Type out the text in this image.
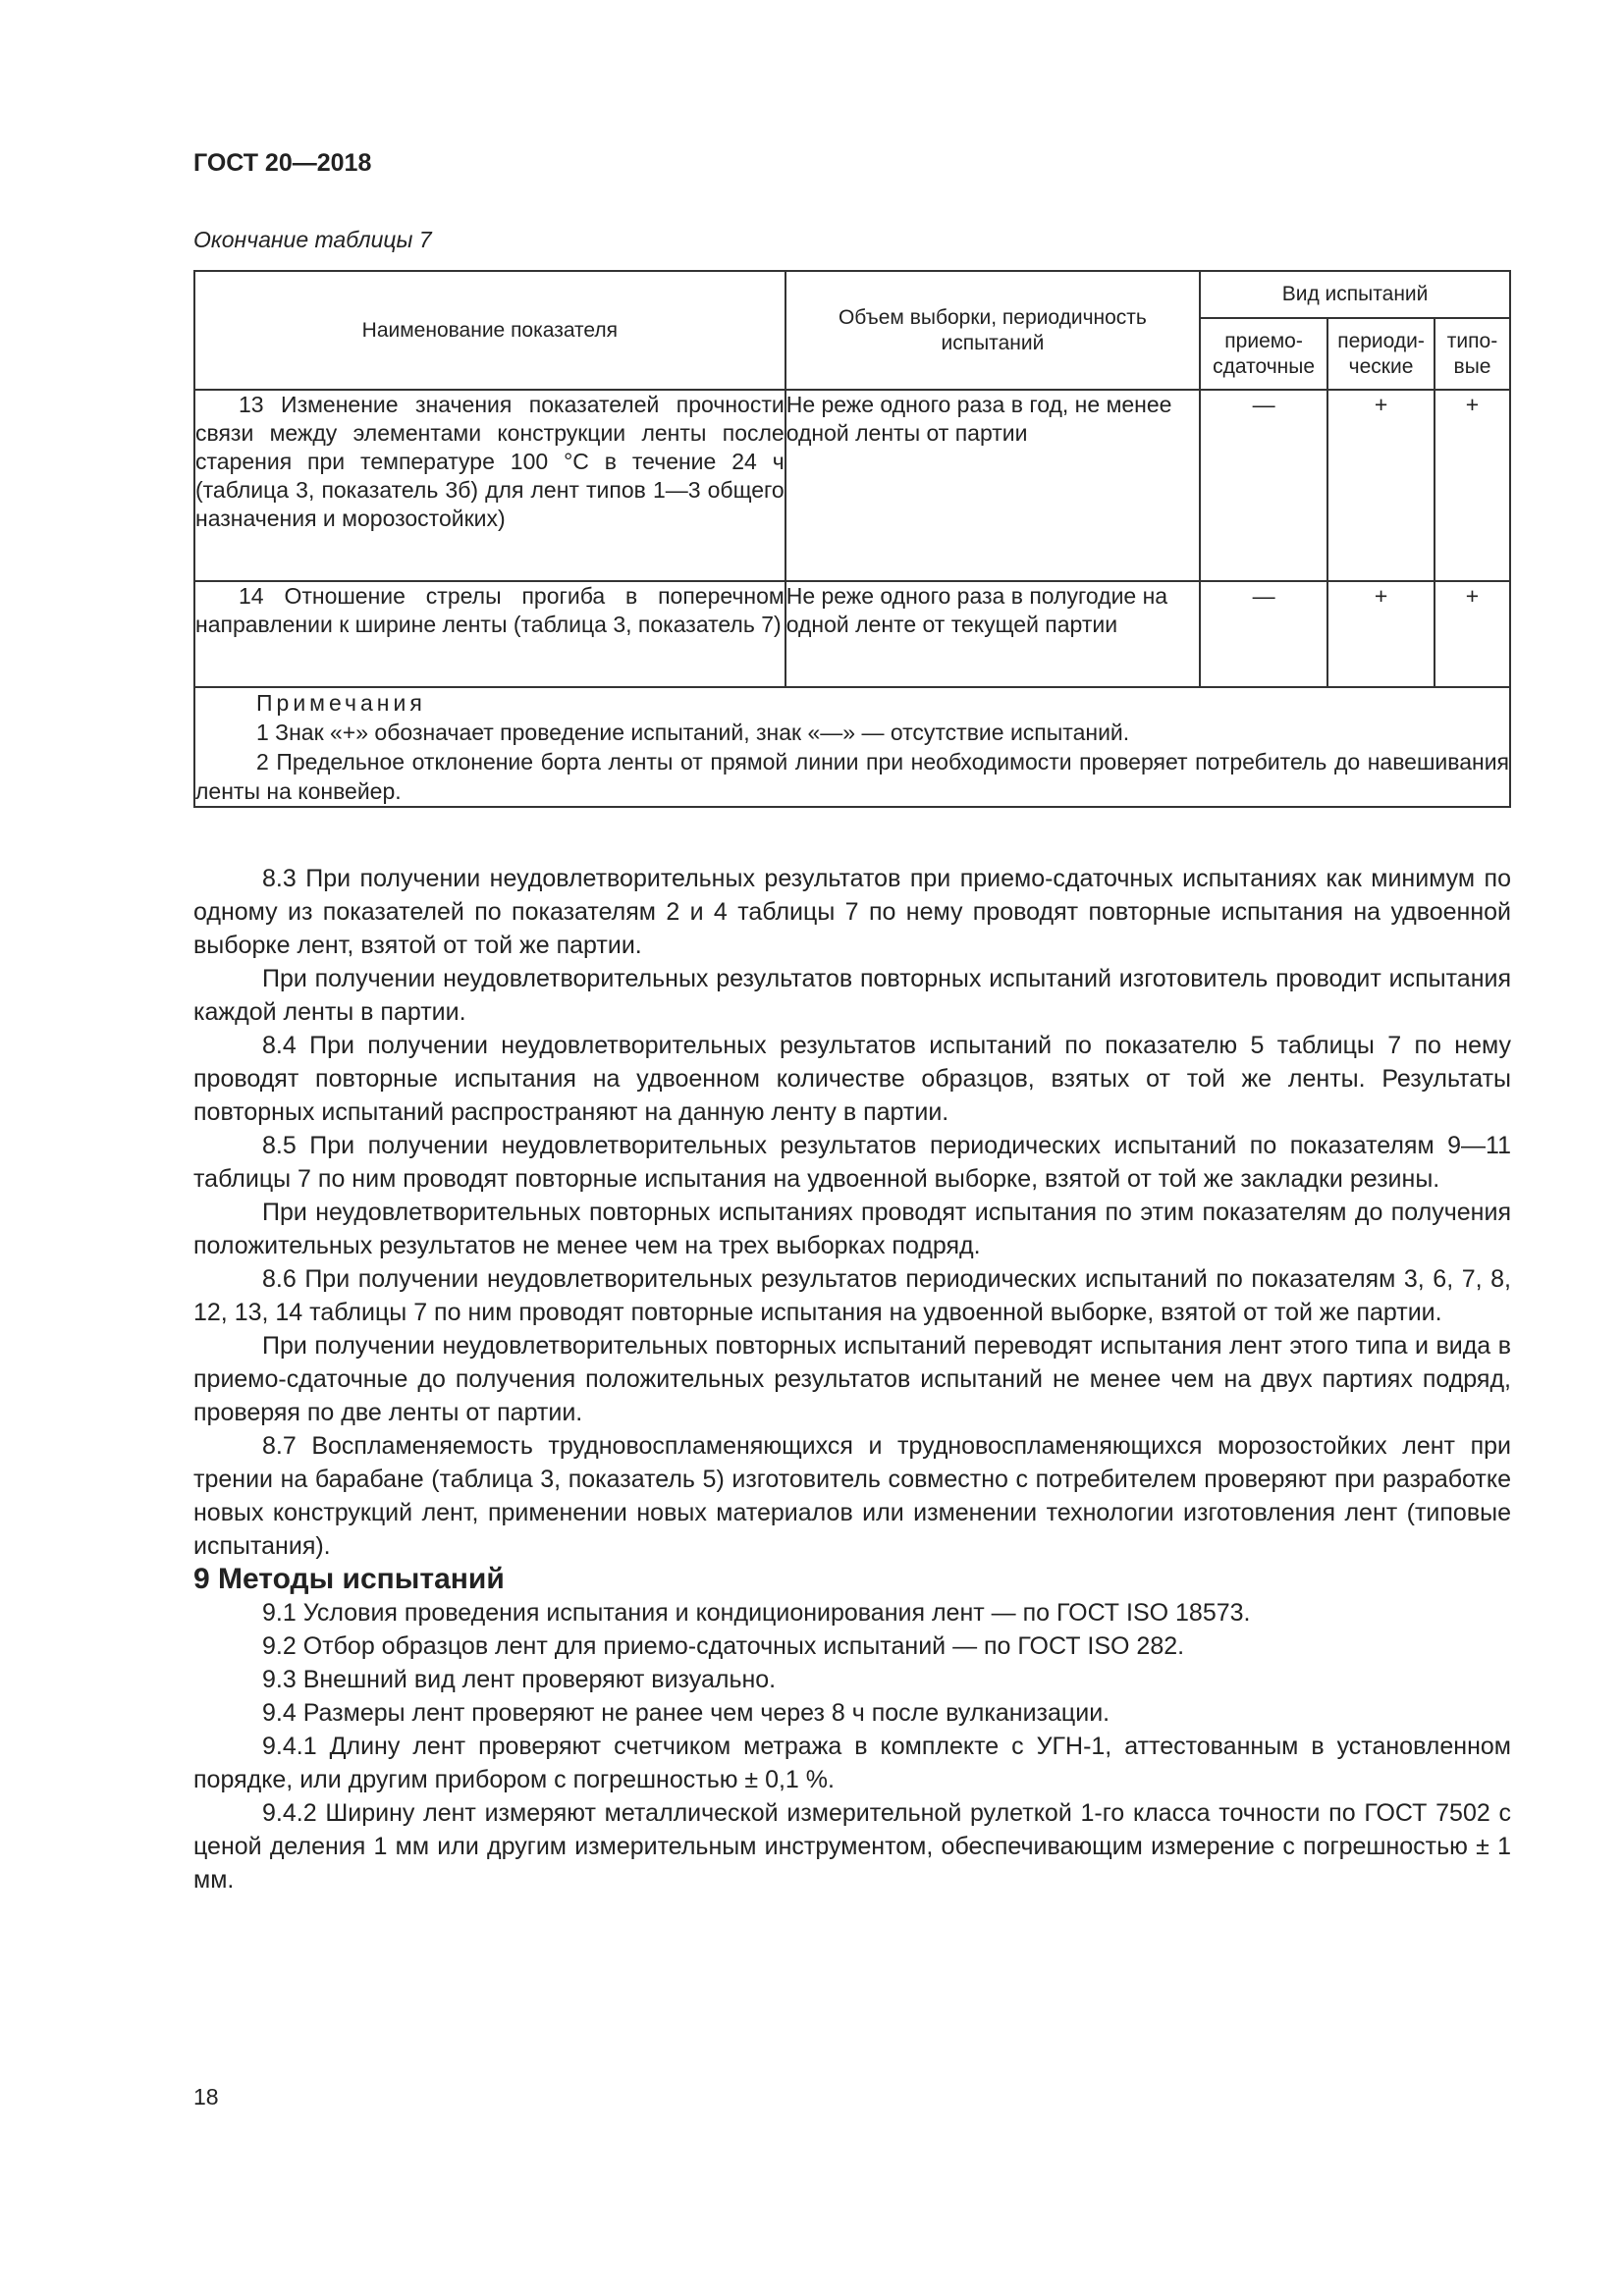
ГОСТ 20—2018
Окончание таблицы 7
Наименование показателя	Объем выборки, периодичность испытаний	Вид испытаний		
		приемо-сдаточные	периоди-ческие	типо-вые
13 Изменение значения показателей прочности связи между элементами конструкции ленты после старения при температуре 100 °С в течение 24 ч (таблица 3, показатель 3б) для лент типов 1—3 общего назначения и морозостойких)	Не реже одного раза в год, не менее одной ленты от партии	—	+	+
14 Отношение стрелы прогиба в поперечном направлении к ширине ленты (таблица 3, показатель 7)	Не реже одного раза в полугодие на одной ленте от текущей партии	—	+	+

Примечания
1 Знак «+» обозначает проведение испытаний, знак «—» — отсутствие испытаний.
2 Предельное отклонение борта ленты от прямой линии при необходимости проверяет потребитель до навешивания ленты на конвейер.				

8.3 При получении неудовлетворительных результатов при приемо-сдаточных испытаниях как минимум по одному из показателей по показателям 2 и 4 таблицы 7 по нему проводят повторные испытания на удвоенной выборке лент, взятой от той же партии.

При получении неудовлетворительных результатов повторных испытаний изготовитель проводит испытания каждой ленты в партии.

8.4 При получении неудовлетворительных результатов испытаний по показателю 5 таблицы 7 по нему проводят повторные испытания на удвоенном количестве образцов, взятых от той же ленты. Результаты повторных испытаний распространяют на данную ленту в партии.

8.5 При получении неудовлетворительных результатов периодических испытаний по показателям 9—11 таблицы 7 по ним проводят повторные испытания на удвоенной выборке, взятой от той же закладки резины.

При неудовлетворительных повторных испытаниях проводят испытания по этим показателям до получения положительных результатов не менее чем на трех выборках подряд.

8.6 При получении неудовлетворительных результатов периодических испытаний по показателям 3, 6, 7, 8, 12, 13, 14 таблицы 7 по ним проводят повторные испытания на удвоенной выборке, взятой от той же партии.

При получении неудовлетворительных повторных испытаний переводят испытания лент этого типа и вида в приемо-сдаточные до получения положительных результатов испытаний не менее чем на двух партиях подряд, проверяя по две ленты от партии.

8.7 Воспламеняемость трудновоспламеняющихся и трудновоспламеняющихся морозостойких лент при трении на барабане (таблица 3, показатель 5) изготовитель совместно с потребителем проверяют при разработке новых конструкций лент, применении новых материалов или изменении технологии изготовления лент (типовые испытания).

9 Методы испытаний

9.1 Условия проведения испытания и кондиционирования лент — по ГОСТ ISO 18573.

9.2 Отбор образцов лент для приемо-сдаточных испытаний — по ГОСТ ISO 282.

9.3 Внешний вид лент проверяют визуально.

9.4 Размеры лент проверяют не ранее чем через 8 ч после вулканизации.

9.4.1 Длину лент проверяют счетчиком метража в комплекте с УГН-1, аттестованным в установленном порядке, или другим прибором с погрешностью ± 0,1 %.

9.4.2 Ширину лент измеряют металлической измерительной рулеткой 1-го класса точности по ГОСТ 7502 с ценой деления 1 мм или другим измерительным инструментом, обеспечивающим измерение с погрешностью ± 1 мм.

18
